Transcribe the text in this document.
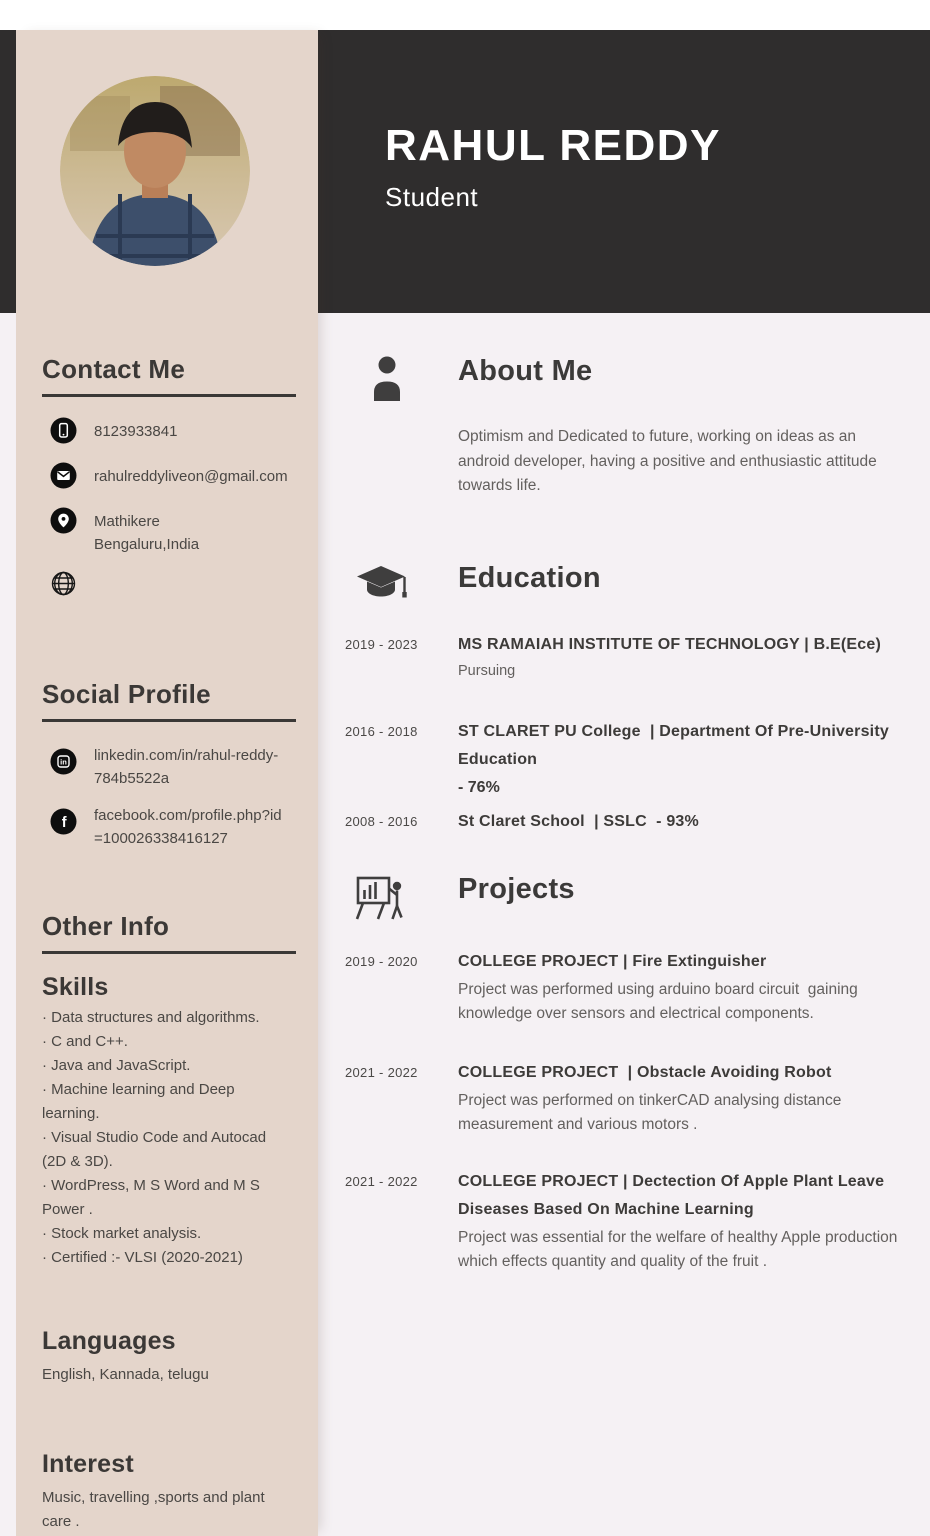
RAHUL REDDY
Student
Contact Me
8123933841
rahulreddyliveon@gmail.com
Mathikere
Bengaluru,India
Social Profile
in linkedin.com/in/rahul-reddy-
784b5522a
f facebook.com/profile.php?id
=100026338416127
Other Info
Skills
· Data structures and algorithms.
· C and C++.
· Java and JavaScript.
· Machine learning and Deep learning.
· Visual Studio Code and Autocad (2D & 3D).
· WordPress, M S Word and M S Power .
· Stock market analysis.
· Certified :- VLSI (2020-2021)
Languages
English, Kannada, telugu
Interest
Music, travelling ,sports and plant care .
About Me
Optimism and Dedicated to future, working on ideas as an android developer, having a positive and enthusiastic attitude towards life.
Education
2019 - 2023	MS RAMAIAH INSTITUTE OF TECHNOLOGY | B.E(Ece)
Pursuing
2016 - 2018	ST CLARET PU College  | Department Of Pre-University Education
- 76%
2008 - 2016	St Claret School  | SSLC  - 93%
Projects
2019 - 2020	COLLEGE PROJECT | Fire Extinguisher
Project was performed using arduino board circuit  gaining knowledge over sensors and electrical components.
2021 - 2022	COLLEGE PROJECT  | Obstacle Avoiding Robot
Project was performed on tinkerCAD analysing distance measurement and various motors .
2021 - 2022	COLLEGE PROJECT | Dectection Of Apple Plant Leave Diseases Based On Machine Learning
Project was essential for the welfare of healthy Apple production which effects quantity and quality of the fruit .
